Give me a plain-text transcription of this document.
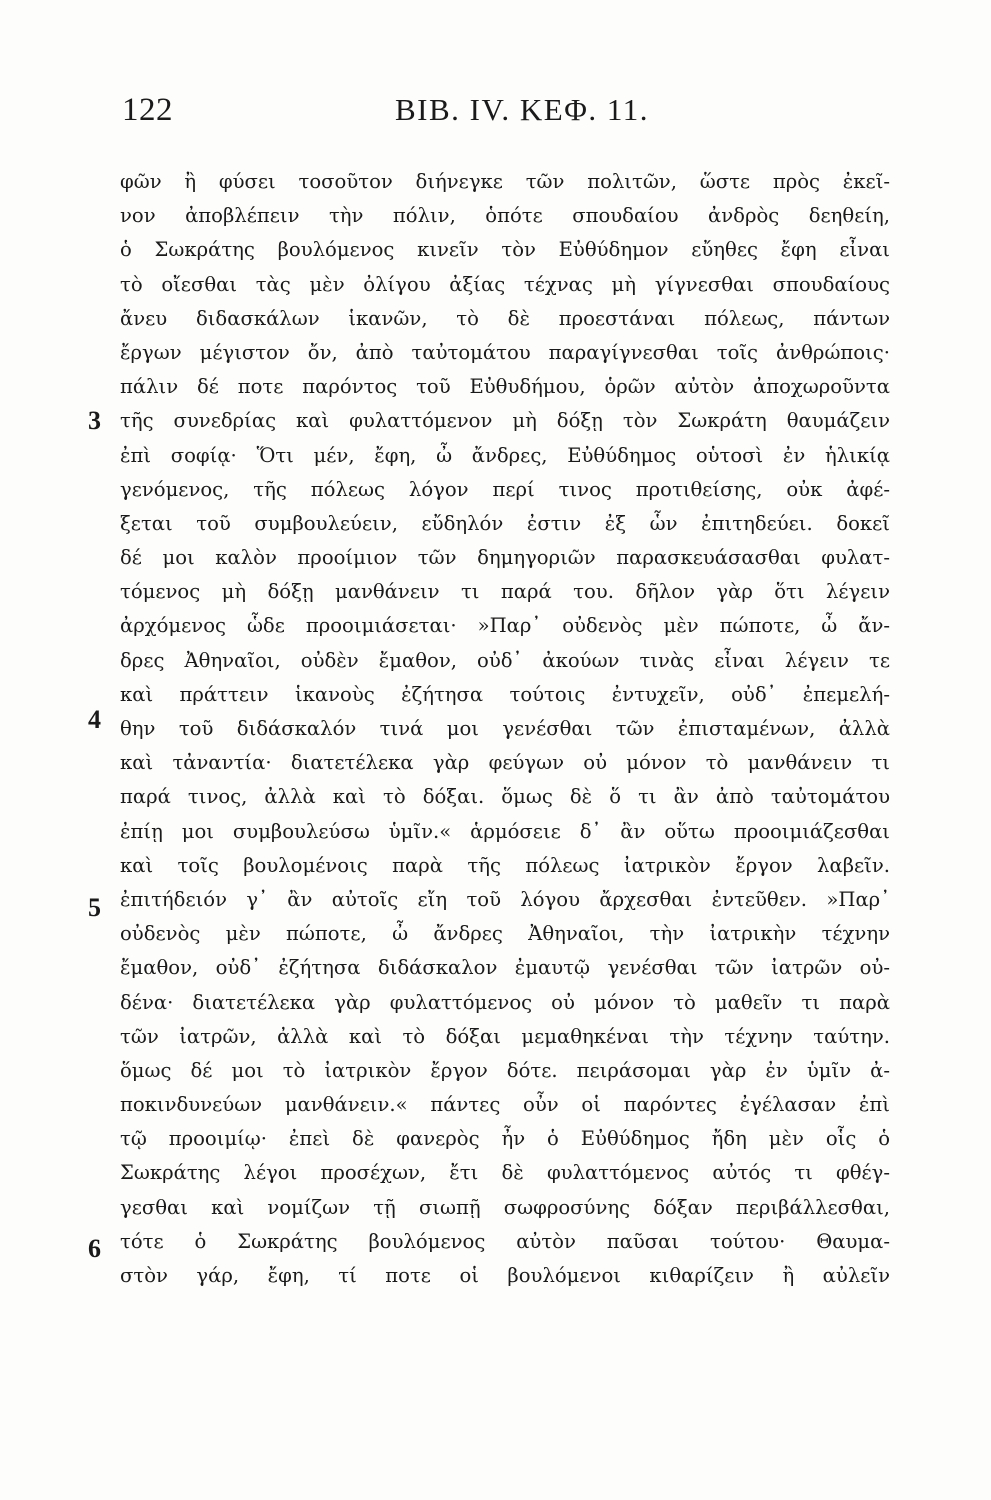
122	BIB. IV. ΚΕΦ. 11.
3
4
5
6
φῶν ἢ φύσει τοσοῦτον διήνεγκε τῶν πολιτῶν, ὥστε πρὸς ἐκεῖ-
νον ἀποβλέπειν τὴν πόλιν, ὁπότε σπουδαίου ἀνδρὸς δεηθείη,
ὁ Σωκράτης βουλόμενος κινεῖν τὸν Εὐθύδημον εὔηθες ἔφη εἶναι
τὸ οἴεσθαι τὰς μὲν ὀλίγου ἀξίας τέχνας μὴ γίγνεσθαι σπουδαίους
ἄνευ διδασκάλων ἱκανῶν, τὸ δὲ προεστάναι πόλεως, πάντων
ἔργων μέγιστον ὄν, ἀπὸ ταὐτομάτου παραγίγνεσθαι τοῖς ἀνθρώποις·
πάλιν δέ ποτε παρόντος τοῦ Εὐθυδήμου, ὁρῶν αὐτὸν ἀποχωροῦντα
τῆς συνεδρίας καὶ φυλαττόμενον μὴ δόξῃ τὸν Σωκράτη θαυμάζειν
ἐπὶ σοφίᾳ· Ὅτι μέν, ἔφη, ὦ ἄνδρες, Εὐθύδημος οὑτοσὶ ἐν ἡλικίᾳ
γενόμενος, τῆς πόλεως λόγον περί τινος προτιθείσης, οὐκ ἀφέ-
ξεται τοῦ συμβουλεύειν, εὔδηλόν ἐστιν ἐξ ὧν ἐπιτηδεύει. δοκεῖ
δέ μοι καλὸν προοίμιον τῶν δημηγοριῶν παρασκευάσασθαι φυλατ-
τόμενος μὴ δόξῃ μανθάνειν τι παρά του. δῆλον γὰρ ὅτι λέγειν
ἀρχόμενος ὧδε προοιμιάσεται· »Παρ᾽ οὐδενὸς μὲν πώποτε, ὦ ἄν-
δρες Ἀθηναῖοι, οὐδὲν ἔμαθον, οὐδ᾽ ἀκούων τινὰς εἶναι λέγειν τε
καὶ πράττειν ἱκανοὺς ἐζήτησα τούτοις ἐντυχεῖν, οὐδ᾽ ἐπεμελή-
θην τοῦ διδάσκαλόν τινά μοι γενέσθαι τῶν ἐπισταμένων, ἀλλὰ
καὶ τἀναντία· διατετέλεκα γὰρ φεύγων οὐ μόνον τὸ μανθάνειν τι
παρά τινος, ἀλλὰ καὶ τὸ δόξαι. ὅμως δὲ ὅ τι ἂν ἀπὸ ταὐτομάτου
ἐπίῃ μοι συμβουλεύσω ὑμῖν.« ἁρμόσειε δ᾽ ἂν οὕτω προοιμιάζεσθαι
καὶ τοῖς βουλομένοις παρὰ τῆς πόλεως ἰατρικὸν ἔργον λαβεῖν.
ἐπιτήδειόν γ᾽ ἂν αὐτοῖς εἴη τοῦ λόγου ἄρχεσθαι ἐντεῦθεν. »Παρ᾽
οὐδενὸς μὲν πώποτε, ὦ ἄνδρες Ἀθηναῖοι, τὴν ἰατρικὴν τέχνην
ἔμαθον, οὐδ᾽ ἐζήτησα διδάσκαλον ἐμαυτῷ γενέσθαι τῶν ἰατρῶν οὐ-
δένα· διατετέλεκα γὰρ φυλαττόμενος οὐ μόνον τὸ μαθεῖν τι παρὰ
τῶν ἰατρῶν, ἀλλὰ καὶ τὸ δόξαι μεμαθηκέναι τὴν τέχνην ταύτην.
ὅμως δέ μοι τὸ ἰατρικὸν ἔργον δότε. πειράσομαι γὰρ ἐν ὑμῖν ἀ-
ποκινδυνεύων μανθάνειν.« πάντες οὖν οἱ παρόντες ἐγέλασαν ἐπὶ
τῷ προοιμίῳ· ἐπεὶ δὲ φανερὸς ἦν ὁ Εὐθύδημος ἤδη μὲν οἷς ὁ
Σωκράτης λέγοι προσέχων, ἔτι δὲ φυλαττόμενος αὐτός τι φθέγ-
γεσθαι καὶ νομίζων τῇ σιωπῇ σωφροσύνης δόξαν περιβάλλεσθαι,
τότε ὁ Σωκράτης βουλόμενος αὐτὸν παῦσαι τούτου· Θαυμα-
στὸν γάρ, ἔφη, τί ποτε οἱ βουλόμενοι κιθαρίζειν ἢ αὐλεῖν
